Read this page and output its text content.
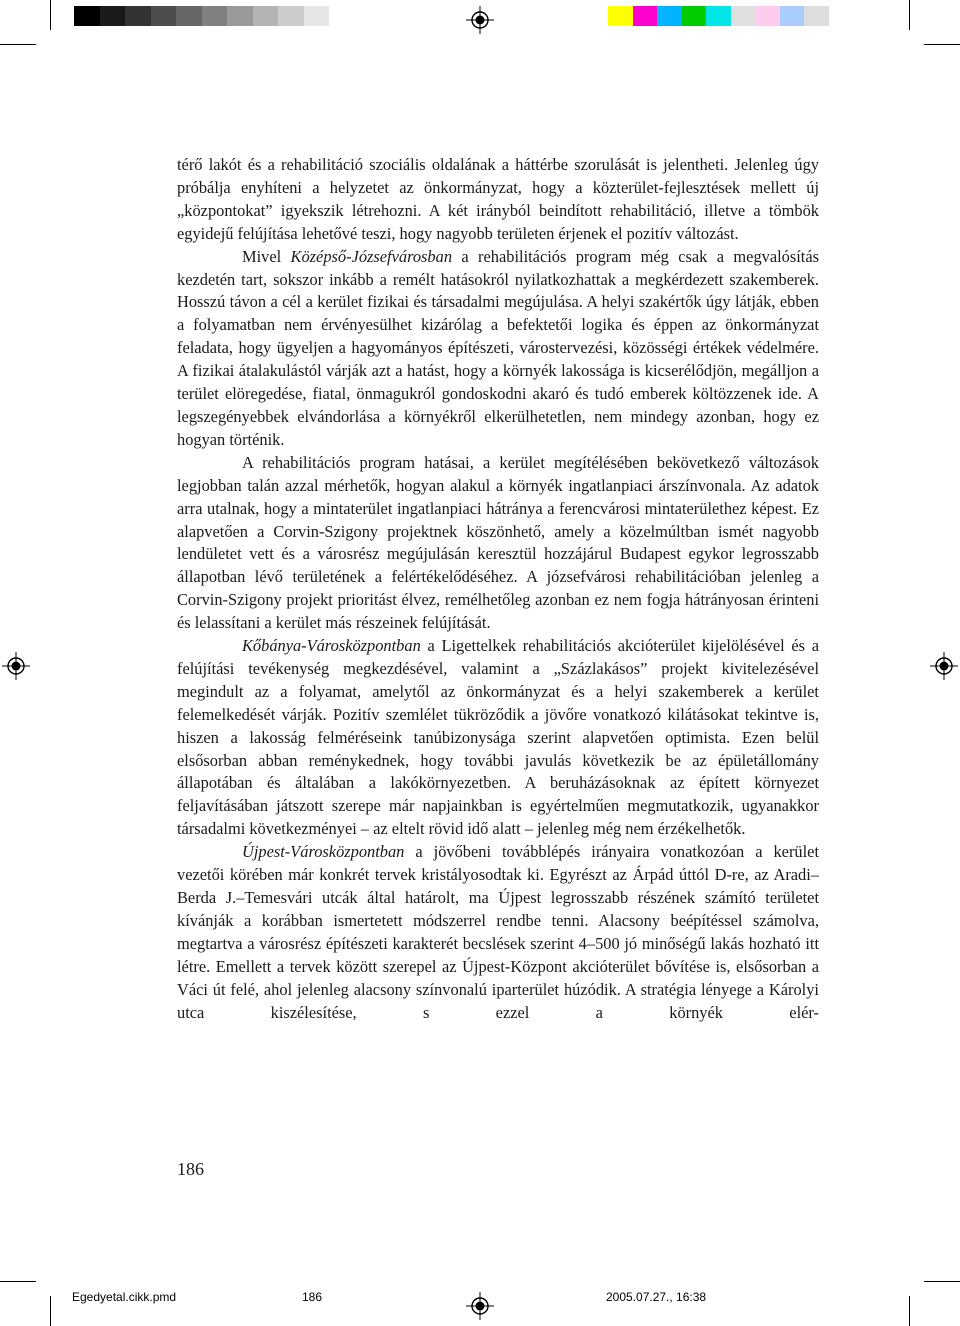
térő lakót és a rehabilitáció szociális oldalának a háttérbe szorulását is jelentheti. Jelenleg úgy próbálja enyhíteni a helyzetet az önkormányzat, hogy a közterület-fejlesztések mellett új „központokat” igyekszik létrehozni. A két irányból beindított rehabilitáció, illetve a tömbök egyidejű felújítása lehetővé teszi, hogy nagyobb területen érjenek el pozitív változást.

Mivel Középső-Józsefvárosban a rehabilitációs program még csak a megvalósítás kezdetén tart, sokszor inkább a remélt hatásokról nyilatkozhattak a megkérdezett szakemberek. Hosszú távon a cél a kerület fizikai és társadalmi megújulása. A helyi szakértők úgy látják, ebben a folyamatban nem érvényesülhet kizárólag a befektetői logika és éppen az önkormányzat feladata, hogy ügyeljen a hagyományos építészeti, várostervezési, közösségi értékek védelmére. A fizikai átalakulástól várják azt a hatást, hogy a környék lakossága is kicserélődjön, megálljon a terület elöregedése, fiatal, önmagukról gondoskodni akaró és tudó emberek költözzenek ide. A legszegényebbek elvándorlása a környékről elkerülhetetlen, nem mindegy azonban, hogy ez hogyan történik.

A rehabilitációs program hatásai, a kerület megítélésében bekövetkező változások legjobban talán azzal mérhetők, hogyan alakul a környék ingatlanpiaci árszínvonala. Az adatok arra utalnak, hogy a mintaterület ingatlanpiaci hátránya a ferencvárosi mintaterülethez képest. Ez alapvetően a Corvin-Szigony projektnek köszönhető, amely a közelmúltban ismét nagyobb lendületet vett és a városrész megújulásán keresztül hozzájárul Budapest egykor legrosszabb állapotban lévő területének a felértékelődéséhez. A józsefvárosi rehabilitációban jelenleg a Corvin-Szigony projekt prioritást élvez, remélhetőleg azonban ez nem fogja hátrányosan érinteni és lelassítani a kerület más részeinek felújítását.

Kőbánya-Városközpontban a Ligettelkek rehabilitációs akcióterület kijelölésével és a felújítási tevékenység megkezdésével, valamint a „Százlakásos” projekt kivitelezésével megindult az a folyamat, amelytől az önkormányzat és a helyi szakemberek a kerület felemelkedését várják. Pozitív szemlélet tükröződik a jövőre vonatkozó kilátásokat tekintve is, hiszen a lakosság felméréseink tanúbizonysága szerint alapvetően optimista. Ezen belül elsősorban abban reménykednek, hogy további javulás következik be az épületállomány állapotában és általában a lakókörnyezetben. A beruházásoknak az épített környezet feljavításában játszott szerepe már napjainkban is egyértelműen megmutatkozik, ugyanakkor társadalmi következményei – az eltelt rövid idő alatt – jelenleg még nem érzékelhetők.

Újpest-Városközpontban a jövőbeni továbblépés irányaira vonatkozóan a kerület vezetői körében már konkrét tervek kristályosodtak ki. Egyrészt az Árpád úttól D-re, az Aradi–Berda J.–Temesvári utcák által határolt, ma Újpest legrosszabb részének számító területet kívánják a korábban ismertetett módszerrel rendbe tenni. Alacsony beépítéssel számolva, megtartva a városrész építészeti karakterét becslések szerint 4–500 jó minőségű lakás hozható itt létre. Emellett a tervek között szerepel az Újpest-Központ akcióterület bővítése is, elsősorban a Váci út felé, ahol jelenleg alacsony színvonalú iparterület húzódik. A stratégia lényege a Károlyi utca kiszélesítése, s ezzel a környék elér-

186
Egedyetal.cikk.pmd	186	2005.07.27., 16:38
